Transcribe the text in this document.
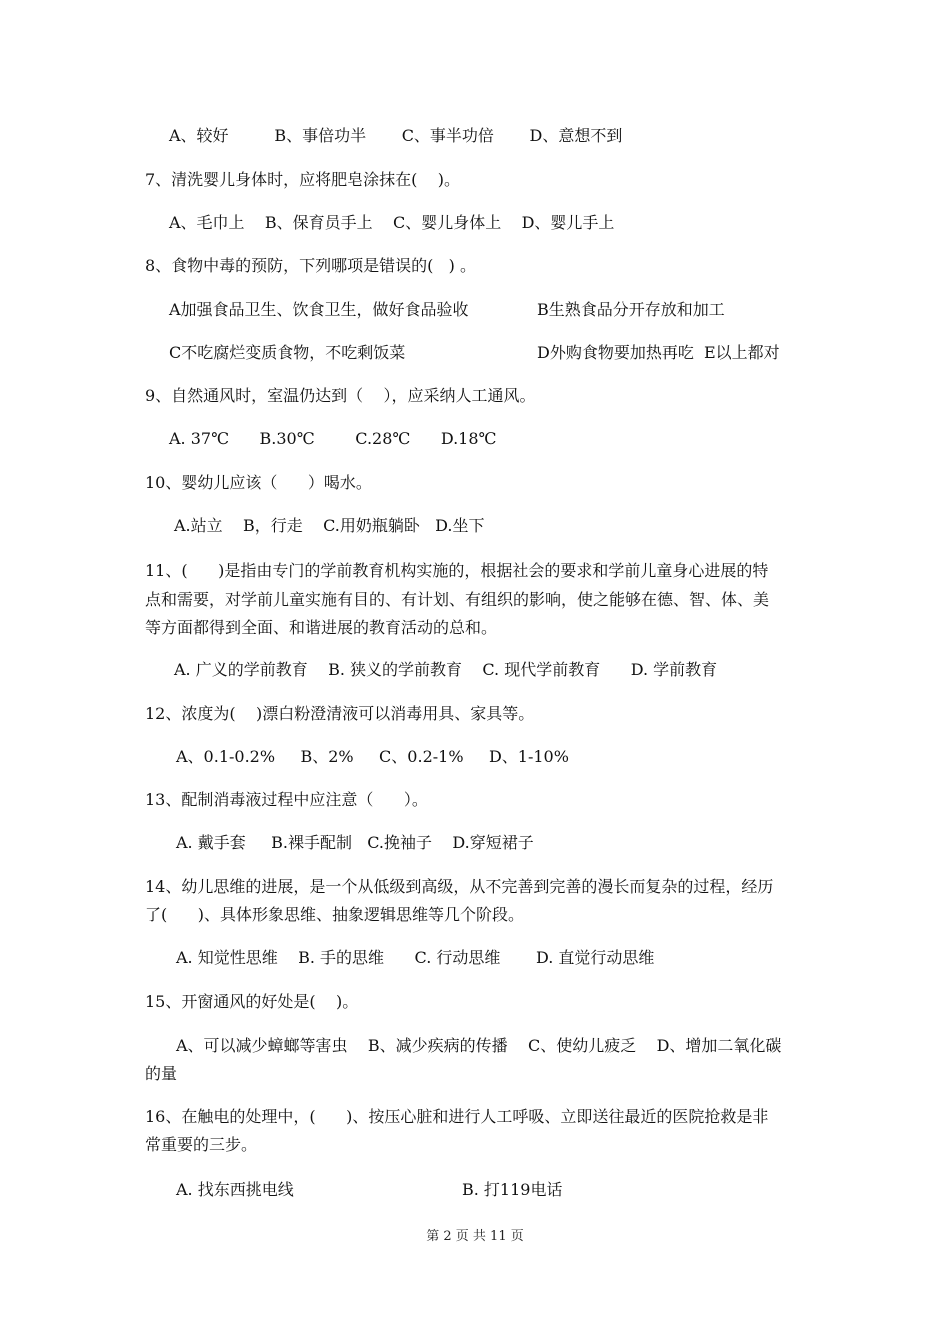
A、较好         B、事倍功半       C、事半功倍       D、意想不到
7、清洗婴儿身体时，应将肥皂涂抹在(    )。
A、毛巾上    B、保育员手上    C、婴儿身体上    D、婴儿手上
8、食物中毒的预防，下列哪项是错误的(   ) 。
A加强食品卫生、饮食卫生，做好食品验收	B生熟食品分开存放和加工
C不吃腐烂变质食物，不吃剩饭菜	D外购食物要加热再吃  E以上都对
9、自然通风时，室温仍达到（    ），应采纳人工通风。
A. 37℃      B.30℃        C.28℃      D.18℃
10、婴幼儿应该（      ）喝水。
A.站立    B，行走    C.用奶瓶躺卧   D.坐下
11、(      )是指由专门的学前教育机构实施的，根据社会的要求和学前儿童身心进展的特
点和需要，对学前儿童实施有目的、有计划、有组织的影响，使之能够在德、智、体、美
等方面都得到全面、和谐进展的教育活动的总和。
A. 广义的学前教育    B. 狭义的学前教育    C. 现代学前教育      D. 学前教育
12、浓度为(    )漂白粉澄清液可以消毒用具、家具等。
A、0.1-0.2%     B、2%     C、0.2-1%     D、1-10%
13、配制消毒液过程中应注意（      ）。
A. 戴手套     B.裸手配制   C.挽袖子    D.穿短裙子
14、幼儿思维的进展，是一个从低级到高级，从不完善到完善的漫长而复杂的过程，经历
了(      )、具体形象思维、抽象逻辑思维等几个阶段。
A. 知觉性思维    B. 手的思维      C. 行动思维       D. 直觉行动思维
15、开窗通风的好处是(    )。
A、可以减少蟑螂等害虫    B、减少疾病的传播    C、使幼儿疲乏    D、增加二氧化碳
的量
16、在触电的处理中，(      )、按压心脏和进行人工呼吸、立即送往最近的医院抢救是非
常重要的三步。
A. 找东西挑电线	B. 打119电话
第 2 页 共 11 页
